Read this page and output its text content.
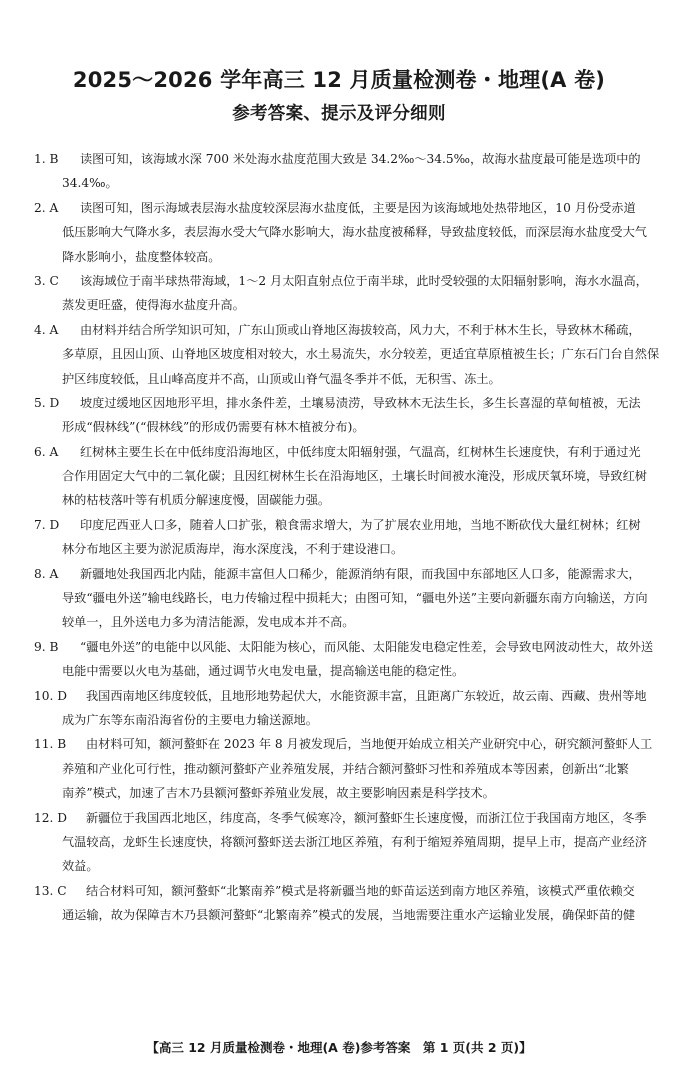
2025～2026 学年高三 12 月质量检测卷・地理(A 卷)
参考答案、提示及评分细则
1. B	读图可知，该海域水深 700 米处海水盐度范围大致是 34.2‰～34.5‰，故海水盐度最可能是选项中的
34.4‰。
2. A	读图可知，图示海域表层海水盐度较深层海水盐度低，主要是因为该海域地处热带地区，10 月份受赤道
低压影响大气降水多，表层海水受大气降水影响大，海水盐度被稀释，导致盐度较低，而深层海水盐度受大气
降水影响小，盐度整体较高。
3. C	该海域位于南半球热带海域，1～2 月太阳直射点位于南半球，此时受较强的太阳辐射影响，海水水温高，
蒸发更旺盛，使得海水盐度升高。
4. A	由材料并结合所学知识可知，广东山顶或山脊地区海拔较高，风力大，不利于林木生长，导致林木稀疏，
多草原，且因山顶、山脊地区坡度相对较大，水土易流失，水分较差，更适宜草原植被生长；广东石门台自然保
护区纬度较低，且山峰高度并不高，山顶或山脊气温冬季并不低，无积雪、冻土。
5. D	坡度过缓地区因地形平坦，排水条件差，土壤易渍涝，导致林木无法生长，多生长喜湿的草甸植被，无法
形成“假林线”(“假林线”的形成仍需要有林木植被分布)。
6. A	红树林主要生长在中低纬度沿海地区，中低纬度太阳辐射强，气温高，红树林生长速度快，有利于通过光
合作用固定大气中的二氧化碳；且因红树林生长在沿海地区，土壤长时间被水淹没，形成厌氧环境，导致红树
林的枯枝落叶等有机质分解速度慢，固碳能力强。
7. D	印度尼西亚人口多，随着人口扩张，粮食需求增大，为了扩展农业用地，当地不断砍伐大量红树林；红树
林分布地区主要为淤泥质海岸，海水深度浅，不利于建设港口。
8. A	新疆地处我国西北内陆，能源丰富但人口稀少，能源消纳有限，而我国中东部地区人口多，能源需求大，
导致“疆电外送”输电线路长，电力传输过程中损耗大；由图可知，“疆电外送”主要向新疆东南方向输送，方向
较单一，且外送电力多为清洁能源，发电成本并不高。
9. B	“疆电外送”的电能中以风能、太阳能为核心，而风能、太阳能发电稳定性差，会导致电网波动性大，故外送
电能中需要以火电为基础，通过调节火电发电量，提高输送电能的稳定性。
10. D	我国西南地区纬度较低，且地形地势起伏大，水能资源丰富，且距离广东较近，故云南、西藏、贵州等地
成为广东等东南沿海省份的主要电力输送源地。
11. B	由材料可知，额河螯虾在 2023 年 8 月被发现后，当地便开始成立相关产业研究中心，研究额河螯虾人工
养殖和产业化可行性，推动额河螯虾产业养殖发展，并结合额河螯虾习性和养殖成本等因素，创新出“北繁
南养”模式，加速了吉木乃县额河螯虾养殖业发展，故主要影响因素是科学技术。
12. D	新疆位于我国西北地区，纬度高，冬季气候寒冷，额河螯虾生长速度慢，而浙江位于我国南方地区，冬季
气温较高，龙虾生长速度快，将额河螯虾送去浙江地区养殖，有利于缩短养殖周期，提早上市，提高产业经济
效益。
13. C	结合材料可知，额河螯虾“北繁南养”模式是将新疆当地的虾苗运送到南方地区养殖，该模式严重依赖交
通运输，故为保障吉木乃县额河螯虾“北繁南养”模式的发展，当地需要注重水产运输业发展，确保虾苗的健
【高三 12 月质量检测卷・地理(A 卷)参考答案　第 1 页(共 2 页)】
